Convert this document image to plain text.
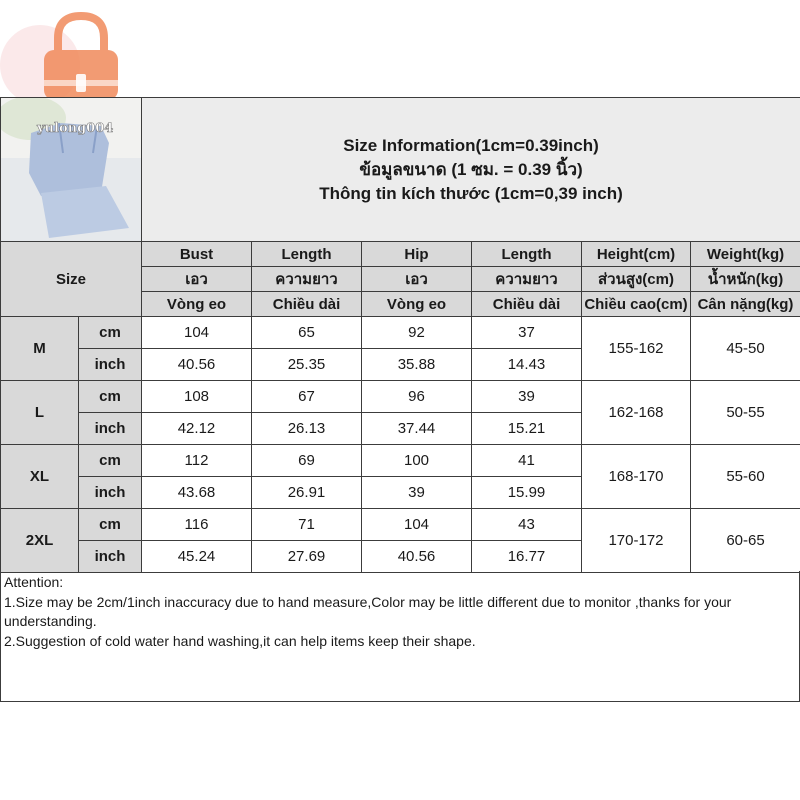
yulong004		Size Information(1cm=0.39inch)
ข้อมูลขนาด (1 ซม. = 0.39 นิ้ว)
Thông tin kích thước (1cm=0,39 inch)					

Size		Bust	Length	Hip	Length	Height(cm)	Weight(kg)
		เอว	ความยาว	เอว	ความยาว	ส่วนสูง(cm)	น้ำหนัก(kg)
		Vòng eo	Chiều dài	Vòng eo	Chiều dài	Chiều cao(cm)	Cân nặng(kg)
M	cm	104	65	92	37	155-162	45-50
	inch	40.56	25.35	35.88	14.43		
L	cm	108	67	96	39	162-168	50-55
	inch	42.12	26.13	37.44	15.21		
XL	cm	112	69	100	41	168-170	55-60
	inch	43.68	26.91	39	15.99		
2XL	cm	116	71	104	43	170-172	60-65
	inch	45.24	27.69	40.56	16.77		
Attention:
1.Size may be 2cm/1inch inaccuracy due to hand measure,Color may be little different due to monitor ,thanks for your understanding.
2.Suggestion of cold water hand washing,it can help items keep their shape.
